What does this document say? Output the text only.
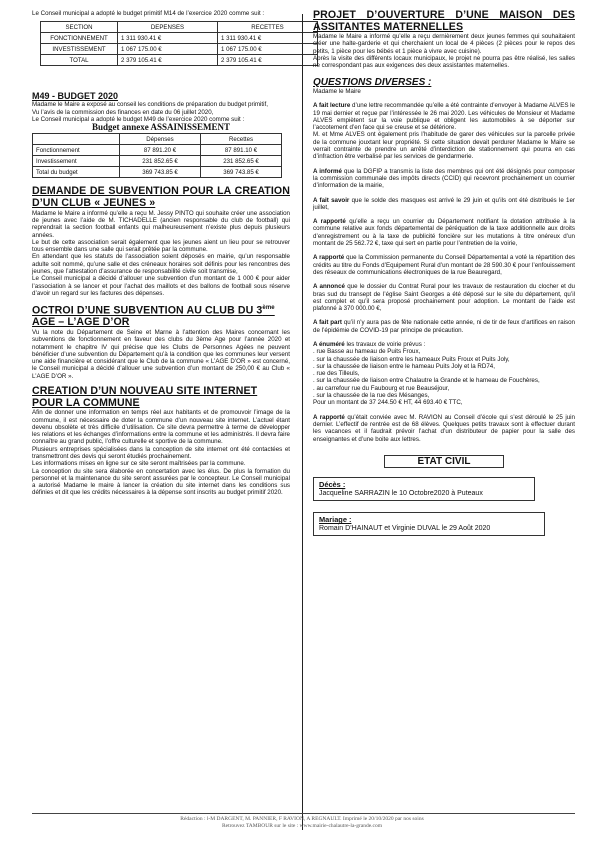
Le Conseil municipal a adopté le budget primitif M14 de l’exercice 2020 comme suit :

SECTION	DEPENSES	RECETTES
FONCTIONNEMENT	1 311 930.41 €	1 311 930.41 €
INVESTISSEMENT	1 067 175.00 €	1 067 175.00 €
TOTAL	2 379 105.41 €	2 379 105.41 €
M49 - BUDGET 2020

Madame le Maire a exposé au conseil les conditions de préparation du budget primitif,
Vu l’avis de la commission des finances en date du 06 juillet 2020,
Le Conseil municipal a adopté le budget M49 de l’exercice 2020 comme suit :

Budget annexe ASSAINISSEMENT
	Dépenses	Recettes
Fonctionnement	87 891.20 €	87 891.10 €
Investissement	231 852.65 €	231 852.65 €
Total du budget	369 743.85 €	369 743.85 €
DEMANDE DE SUBVENTION POUR LA CREATION D’UN CLUB « JEUNES »

Madame le Maire a informé qu’elle a reçu M. Jessy PINTO qui souhaite créer une association de jeunes avec l’aide de M. TICHADELLE (ancien responsable du club de football) qui reprendrait la section football enfants qui malheureusement n’existe plus depuis plusieurs années.
Le but de cette association serait également que les jeunes aient un lieu pour se retrouver tous ensemble dans une salle qui serait prêtée par la commune.
En attendant que les statuts de l’association soient déposés en mairie, qu’un responsable adulte soit nommé, qu’une salle et des créneaux horaires soit définis pour les rencontres des jeunes, que l’attestation d’assurance de responsabilité civile soit transmise,
Le Conseil municipal a décidé d’allouer une subvention d’un montant de 1 000 € pour aider l’association à se lancer et pour l’achat des maillots et des ballons de football sous réserve d’avoir un regard sur les factures des dépenses.

OCTROI D’UNE SUBVENTION AU CLUB DU 3ème
AGE – L’AGE D’OR

Vu la note du Département de Seine et Marne à l’attention des Maires concernant les subventions de fonctionnement en faveur des clubs du 3ème Age pour l’année 2020 et notamment le chapitre IV qui précise que les Clubs de Personnes Agées ne peuvent bénéficier d’une subvention du Département qu’à la condition que les communes leur versent une aide financière et considérant que le Club de la commune « L’AGE D’OR » est concerné, le Conseil municipal a décidé d’allouer une subvention d’un montant de 250,00 € au Club « L’AGE D’OR ».

CREATION D’UN NOUVEAU SITE INTERNET POUR LA COMMUNE

Afin de donner une information en temps réel aux habitants et de promouvoir l’image de la commune, il est nécessaire de doter la commune d’un nouveau site internet. L’actuel étant devenu obsolète et très difficile d’utilisation. Ce site devra permettre à terme de développer les relations et les échanges d’informations entre la commune et les administrés. Il devra faire connaître au grand public, l’offre culturelle et sportive de la commune.
Plusieurs entreprises spécialisées dans la conception de site internet ont été contactées et transmettront des devis qui seront étudiés prochainement.
Les informations mises en ligne sur ce site seront maîtrisées par la commune.
La conception du site sera élaborée en concertation avec les élus. De plus la formation du personnel et la maintenance du site seront assurées par le concepteur. Le Conseil municipal a autorisé Madame le maire à lancer la création du site internet dans les conditions sus définies et dit que les crédits nécessaires à la dépense sont inscrits au budget primitif 2020.

PROJET D’OUVERTURE D’UNE MAISON DES ASSITANTES MATERNELLES

Madame le Maire a informé qu’elle a reçu dernièrement deux jeunes femmes qui souhaitaient créer une halte-garderie et qui cherchaient un local de 4 pièces (2 pièces pour le repos des petits, 1 pièce pour les bébés et 1 pièce à vivre avec cuisine).
Après la visite des différents locaux municipaux, le projet ne pourra pas être réalisé, les salles ne correspondant pas aux exigences des deux assistantes maternelles.

QUESTIONS DIVERSES :

Madame le Maire

A fait lecture d’une lettre recommandée qu’elle a été contrainte d’envoyer à Madame ALVES le 19 mai dernier et reçue par l’intéressée le 26 mai 2020. Les véhicules de Monsieur et Madame ALVES empiètent sur la voie publique et obligent les automobiles à se déporter sur l’accotement d’en face qui se creuse et se détériore.
M. et Mme ALVES ont également pris l’habitude de garer des véhicules sur la parcelle privée de la commune jouxtant leur propriété. Si cette situation devait perdurer Madame le Maire se verrait contrainte de prendre un arrêté d’interdiction de stationnement qui pourra en cas d’infraction être verbalisé par les services de gendarmerie.

A informé que la DGFIP a transmis la liste des membres qui ont été désignés pour composer la commission communale des impôts directs (CCID) qui recevront prochainement un courrier d’information de la mairie,

A fait savoir que le solde des masques est arrivé le 29 juin et qu’ils ont été distribués le 1er juillet,

A rapporté qu’elle a reçu un courrier du Département notifiant la dotation attribuée à la commune relative aux fonds départemental de péréquation de la taxe additionnelle aux droits d’enregistrement ou à la taxe de publicité foncière sur les mutations à titre onéreux d’un montant de 25 562.72 €, taxe qui sert en partie pour l’entretien de la voirie,

A rapporté que la Commission permanente du Conseil Départemental a voté la répartition des crédits au titre du Fonds d’Equipement Rural d’un montant de 28 590.30 € pour l’enfouissement des réseaux de communications électroniques de la rue Beauregard,

A annoncé que le dossier du Contrat Rural pour les travaux de restauration du clocher et du bras sud du transept de l’église Saint Georges a été déposé sur le site du département, qu’il est complet et qu’il sera proposé prochainement pour adoption. Le montant de l’aide est plafonné à 370 000.00 €,

A fait part qu’il n’y aura pas de fête nationale cette année, ni de tir de feux d’artifices en raison de l’épidémie de COVID-19 par principe de précaution.

A énuméré les travaux de voirie prévus :

. rue Basse au hameau de Puits Froux,

. sur la chaussée de liaison entre les hameaux Puits Froux et Puits Joly,

. sur la chaussée de liaison entre le hameau Puits Joly et la RD74,

. rue des Tilleuls,

. sur la chaussée de liaison entre Chalautre la Grande et le hameau de Fouchères,

. au carrefour rue du Faubourg et rue Beauséjour,

. sur la chaussée de la rue des Mésanges,

Pour un montant de 37 244.50 € HT, 44 693.40 € TTC,

A rapporté qu’était conviée avec M. RAVION au Conseil d’école qui s’est déroulé le 25 juin dernier. L’effectif de rentrée est de 68 élèves. Quelques petits travaux sont à effectuer durant les vacances et il faudrait prévoir l’achat d’un distributeur de papier pour la salle des enseignantes et d’une boite aux lettres.

ETAT CIVIL
Décès :
Jacqueline SARRAZIN le 10 Octobre2020 à Puteaux
Mariage :
Romain D’HAINAUT et Virginie DUVAL le 29 Août 2020
Rédaction : l-M DARGENT, M. PANNIER, F RAVION, A REGNAULT. Imprimé le 20/10/2020 par nos soins
Retrouvez TAMBOUR sur le site : www.mairie-chalautre-la-grande.com
